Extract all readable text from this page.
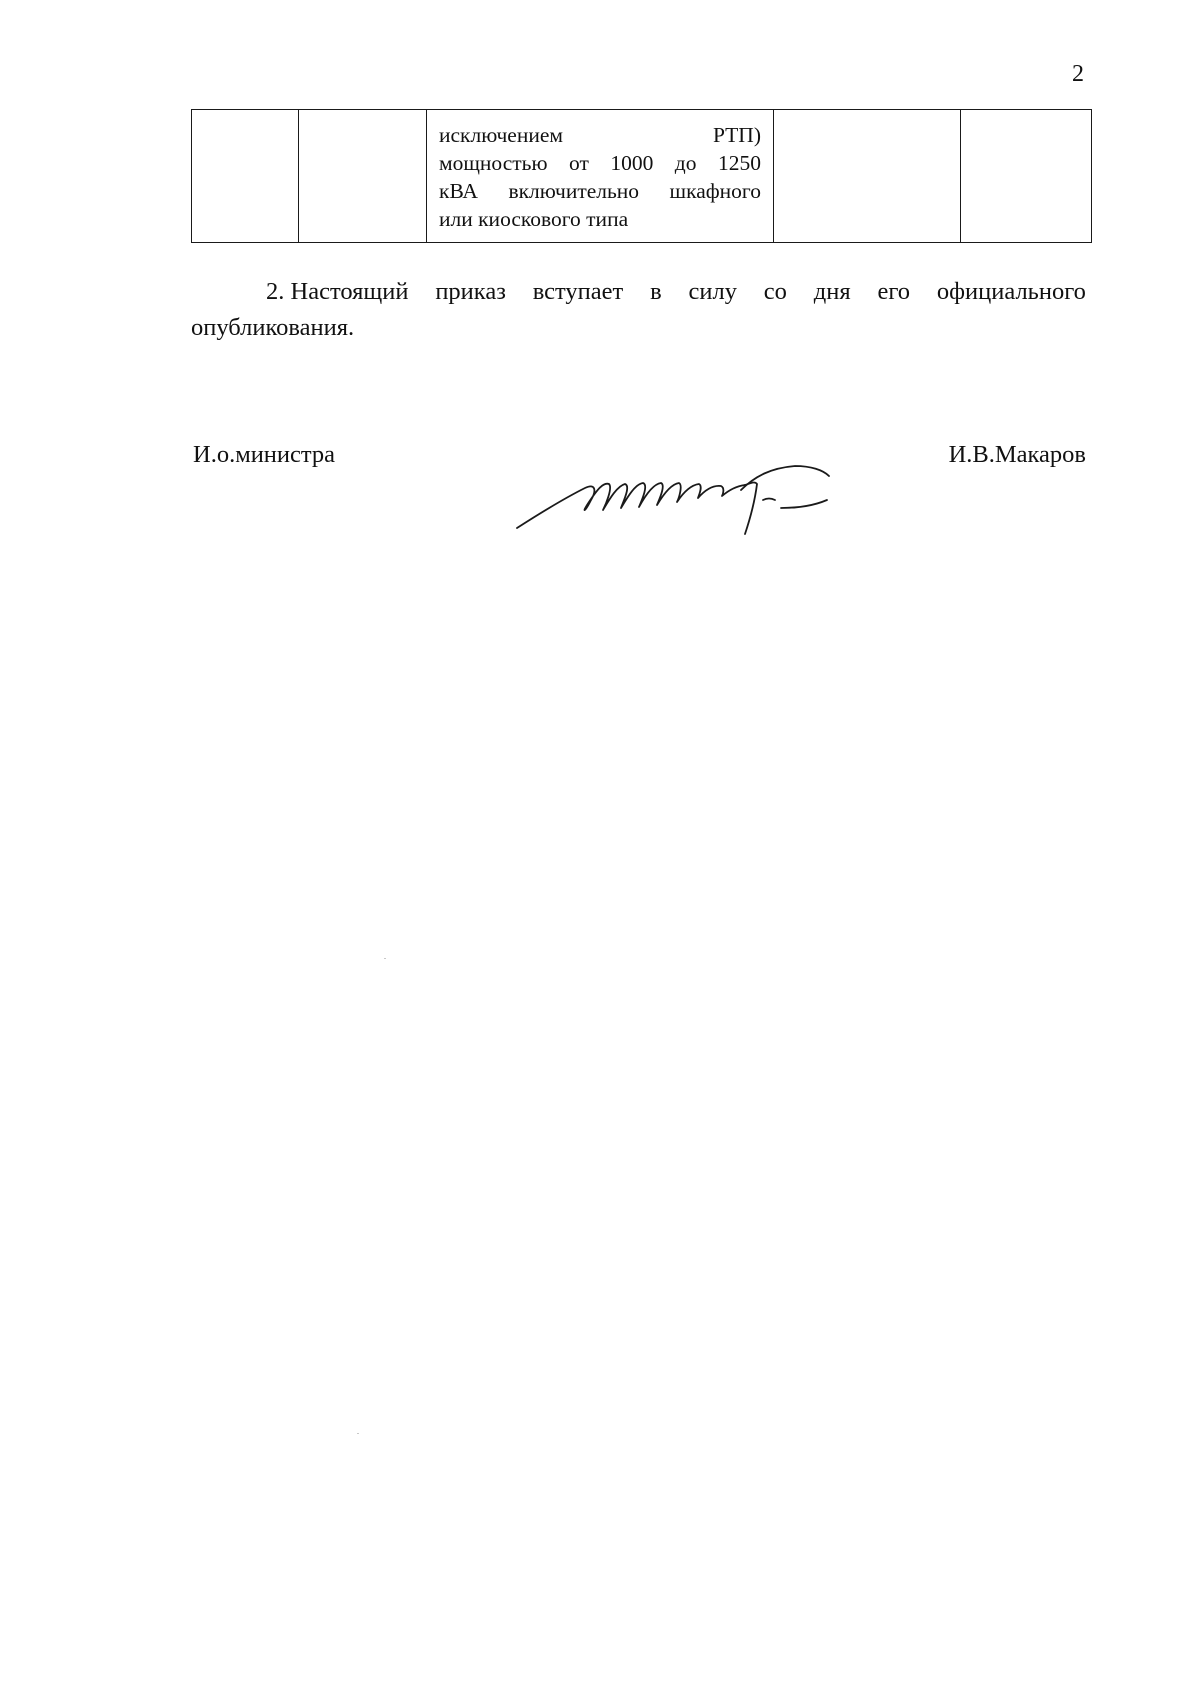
2

исключением	РТП)
мощностью от 1000 до 1250
кВА включительно шкафного
или киоскового типа

2. Настоящий приказ вступает в силу со дня его официального
опубликования.
И.о.министра	И.В.Макаров
